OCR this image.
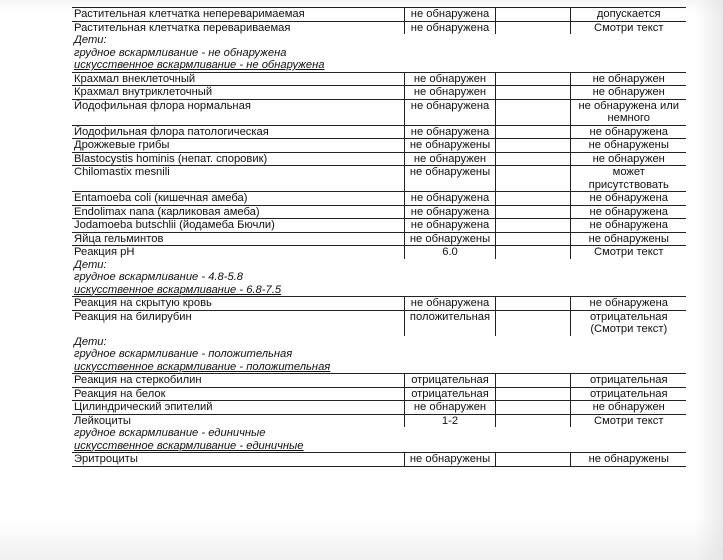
Растительная клетчатка непереваримаемая	не обнаружена		допускается
Растительная клетчатка перевариваемая	не обнаружена		Смотри текст

Дети:
грудное вскармливание - не обнаружена
искусственное вскармливание - не обнаружена			

Крахмал внеклеточный	не обнаружен		не обнаружен
Крахмал внутриклеточный	не обнаружен		не обнаружен
Йодофильная флора нормальная	не обнаружена		не обнаружена или немного
Йодофильная флора патологическая	не обнаружена		не обнаружена
Дрожжевые грибы	не обнаружены		не обнаружены
Blastocystis hominis (непат. споровик)	не обнаружен		не обнаружен
Chilomastix mesnili	не обнаружены		может присутствовать
Entamoeba coli (кишечная амеба)	не обнаружена		не обнаружена
Endolimax nana (карликовая амеба)	не обнаружена		не обнаружена
Jodamoeba butschlii (йодамеба Бючли)	не обнаружена		не обнаружена
Яйца гельминтов	не обнаружены		не обнаружены
Реакция pH	6.0		Смотри текст

Дети:
грудное вскармливание - 4.8-5.8
искусственное вскармливание - 6.8-7.5			

Реакция на скрытую кровь	не обнаружена		не обнаружена
Реакция на билирубин	положительная		отрицательная (Смотри текст)

Дети:
грудное вскармливание - положительная
искусственное вскармливание - положительная			

Реакция на стеркобилин	отрицательная		отрицательная
Реакция на белок	отрицательная		отрицательная
Цилиндрический эпителий	не обнаружен		не обнаружен
Лейкоциты	1-2		Смотри текст

грудное вскармливание - единичные
искусственное вскармливание - единичные			

Эритроциты	не обнаружены		не обнаружены
